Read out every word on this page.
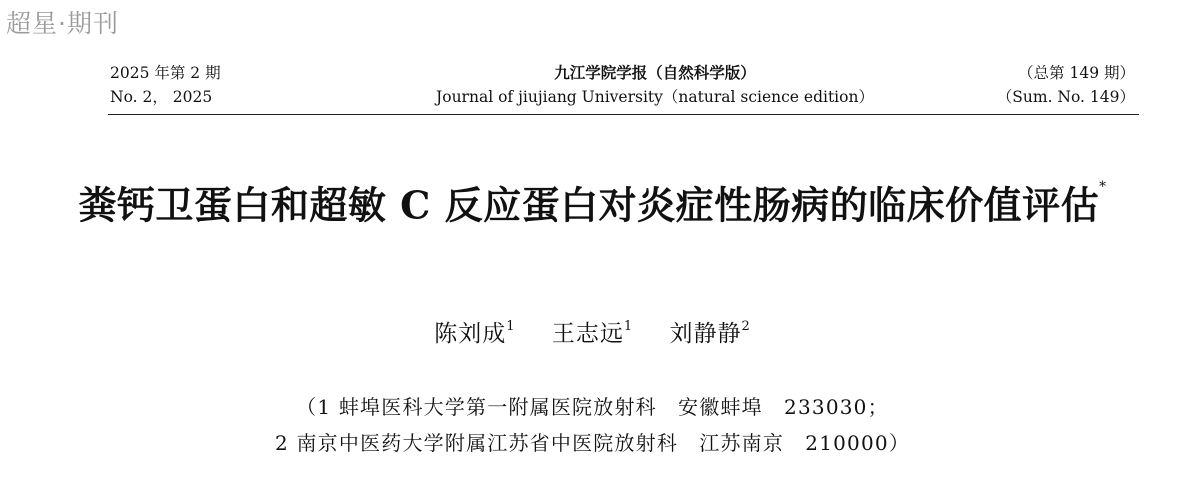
超星·期刊
2025 年第 2 期
No. 2， 2025
九江学院学报（自然科学版）
Journal of jiujiang University（natural science edition）
（总第 149 期）
（Sum. No. 149）
粪钙卫蛋白和超敏 C 反应蛋白对炎症性肠病的临床价值评估*
陈刘成$^1$ 王志远$^1$ 刘静静$^2$
（1 蚌埠医科大学第一附属医院放射科　安徽蚌埠　233030；
2 南京中医药大学附属江苏省中医院放射科　江苏南京　210000）
